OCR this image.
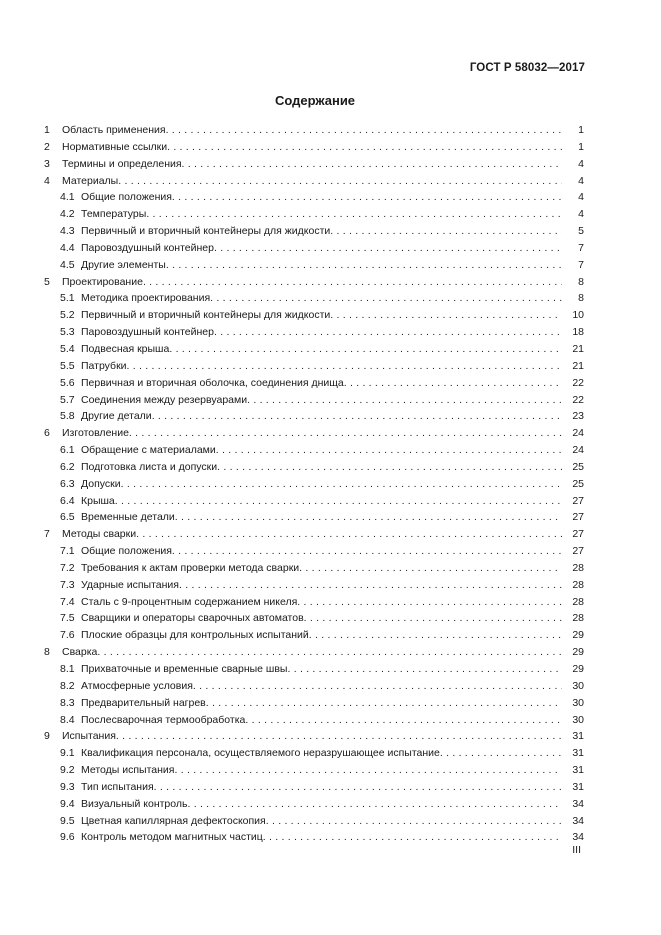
ГОСТ Р 58032—2017
Содержание
1	Область применения . . .	1
2	Нормативные ссылки . . .	1
3	Термины и определения . . .	4
4	Материалы . . .	4
4.1 Общие положения . . .	4
4.2 Температуры . . .	4
4.3 Первичный и вторичный контейнеры для жидкости . . .	5
4.4 Паровоздушный контейнер . . .	7
4.5 Другие элементы . . .	7
5	Проектирование . . .	8
5.1 Методика проектирования . . .	8
5.2 Первичный и вторичный контейнеры для жидкости . . .	10
5.3 Паровоздушный контейнер . . .	18
5.4 Подвесная крыша . . .	21
5.5 Патрубки . . .	21
5.6 Первичная и вторичная оболочка, соединения днища . . .	22
5.7 Соединения между резервуарами . . .	22
5.8 Другие детали . . .	23
6	Изготовление . . .	24
6.1 Обращение с материалами . . .	24
6.2 Подготовка листа и допуски . . .	25
6.3 Допуски . . .	25
6.4 Крыша . . .	27
6.5 Временные детали . . .	27
7	Методы сварки . . .	27
7.1 Общие положения . . .	27
7.2 Требования к актам проверки метода сварки . . .	28
7.3 Ударные испытания . . .	28
7.4 Сталь с 9-процентным содержанием никеля . . .	28
7.5 Сварщики и операторы сварочных автоматов . . .	28
7.6 Плоские образцы для контрольных испытаний . . .	29
8	Сварка . . .	29
8.1 Прихваточные и временные сварные швы . . .	29
8.2 Атмосферные условия . . .	30
8.3 Предварительный нагрев . . .	30
8.4 Послесварочная термообработка . . .	30
9	Испытания . . .	31
9.1 Квалификация персонала, осуществляемого неразрушающее испытание . . .	31
9.2 Методы испытания . . .	31
9.3 Тип испытания . . .	31
9.4 Визуальный контроль . . .	34
9.5 Цветная капиллярная дефектоскопия . . .	34
9.6 Контроль методом магнитных частиц . . .	34
III
